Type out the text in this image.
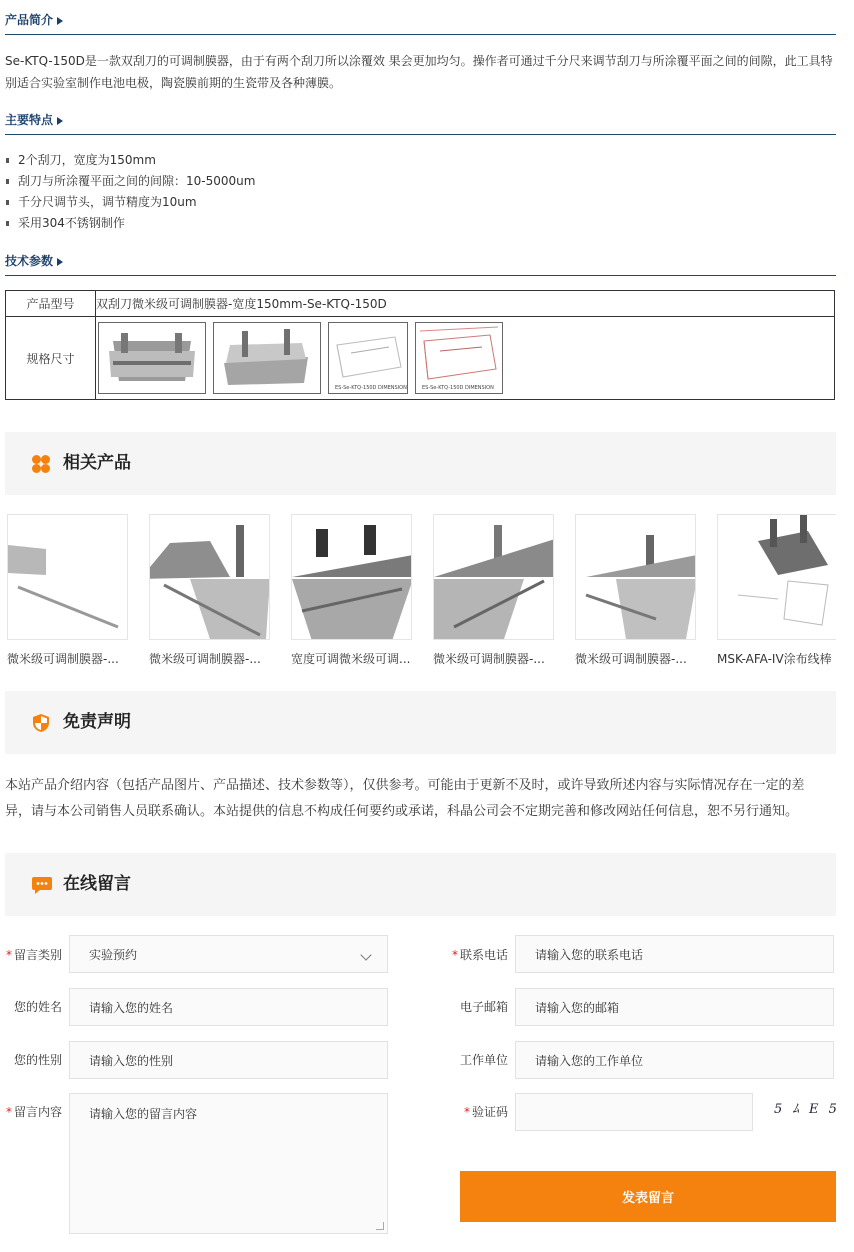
产品简介
Se-KTQ-150D是一款双刮刀的可调制膜器，由于有两个刮刀所以涂覆效 果会更加均匀。操作者可通过千分尺来调节刮刀与所涂覆平面之间的间隙，此工具特别适合实验室制作电池电极，陶瓷膜前期的生瓷带及各种薄膜。
主要特点
2个刮刀，宽度为150mm
刮刀与所涂覆平面之间的间隙：10-5000um
千分尺调节头，调节精度为10um
采用304不锈钢制作
技术参数
产品型号	双刮刀微米级可调制膜器-宽度150mm-Se-KTQ-150D
规格尺寸	ES-Se-KTQ-150D DIMENSION ES-Se-KTQ-150D DIMENSION
相关产品
微米级可调制膜器-...	微米级可调制膜器-...	宽度可调微米级可调...	微米级可调制膜器-...	微米级可调制膜器-...	MSK-AFA-IV涂布线棒
免责声明
本站产品介绍内容（包括产品图片、产品描述、技术参数等），仅供参考。可能由于更新不及时，或许导致所述内容与实际情况存在一定的差异，请与本公司销售人员联系确认。本站提供的信息不构成任何要约或承诺，科晶公司会不定期完善和修改网站任何信息，恕不另行通知。
在线留言
* 留言类别 实验预约	* 联系电话	请输入您的联系电话
您的姓名	请输入您的姓名	电子邮箱	请输入您的邮箱
您的性别	请输入您的性别	工作单位	请输入您的工作单位
* 留言内容 请输入您的留言内容	* 验证码	5 ﾑ E 5
发表留言
